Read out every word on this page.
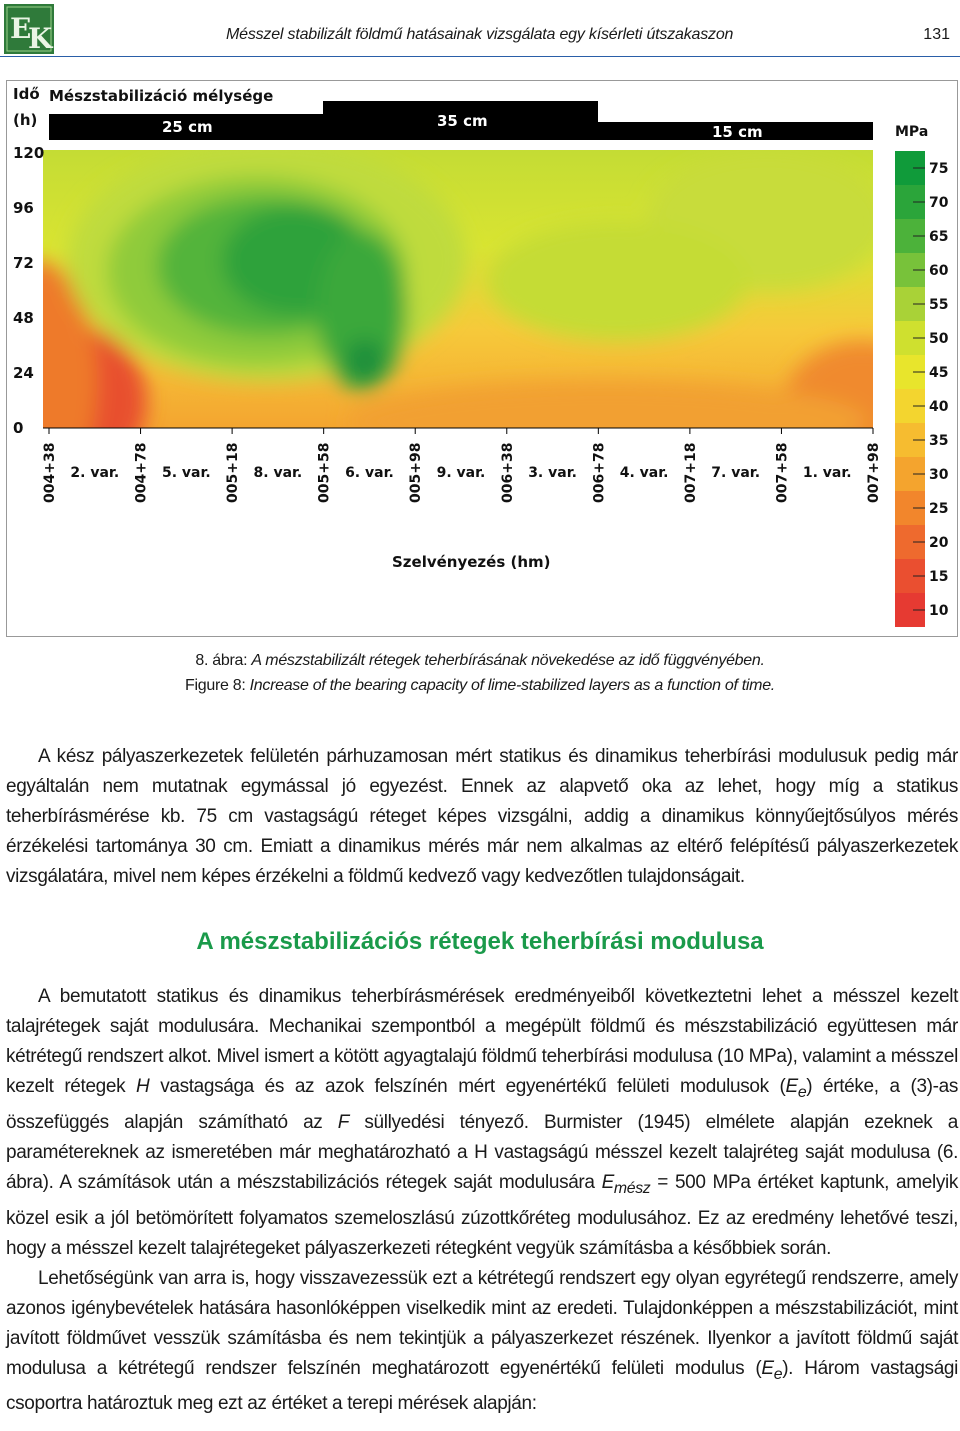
E
K	Mésszel stabilizált földmű hatásainak vizsgálata egy kísérleti útszakaszon	131
Mészstabilizáció mélysége
25 cm	35 cm
15 cm
Idő
(h)
120
96
72
48
24
0
004+38	004+78	005+18	005+58	005+98	006+38	006+78	007+18	007+58	007+98
2. var.	5. var.	8. var.	6. var.	9. var.	3. var.	4. var.	7. var.	1. var.
Szelvényezés (hm)
MPa
75
70
65
60
55
50
45
40
35
30
25
20
15
10
8. ábra: A mészstabilizált rétegek teherbírásának növekedése az idő függvényében.
Figure 8: Increase of the bearing capacity of lime-stabilized layers as a function of time.
A kész pályaszerkezetek felületén párhuzamosan mért statikus és dinamikus teherbírási modulusuk pedig már egyáltalán nem mutatnak egymással jó egyezést. Ennek az alapvető oka az lehet, hogy míg a statikus teherbírásmérése kb. 75 cm vastagságú réteget képes vizsgálni, addig a dinamikus könnyűejtősúlyos mérés érzékelési tartománya 30 cm. Emiatt a dinamikus mérés már nem alkalmas az eltérő felépítésű pályaszerkezetek vizsgálatára, mivel nem képes érzékelni a földmű kedvező vagy kedvezőtlen tulajdonságait.
A mészstabilizációs rétegek teherbírási modulusa
A bemutatott statikus és dinamikus teherbírásmérések eredményeiből következtetni lehet a mésszel kezelt talajrétegek saját modulusára. Mechanikai szempontból a megépült földmű és mészstabilizáció együttesen már kétrétegű rendszert alkot. Mivel ismert a kötött agyagtalajú földmű teherbírási modulusa (10 MPa), valamint a mésszel kezelt rétegek H vastagsága és az azok felszínén mért egyenértékű felületi modulusok $(E_e)$ értéke, a (3)-as összefüggés alapján számítható az F süllyedési tényező. Burmister (1945) elmélete alapján ezeknek a paramétereknek az ismeretében már meghatározható a H vastagságú mésszel kezelt talajréteg saját modulusa (6. ábra). A számítások után a mészstabilizációs rétegek saját modulusára $E_{mész} = 500$ MPa értéket kaptunk, amelyik közel esik a jól betömörített folyamatos szemeloszlású zúzottkőréteg modulusához. Ez az eredmény lehetővé teszi, hogy a mésszel kezelt talajrétegeket pályaszerkezeti rétegként vegyük számításba a későbbiek során.
Lehetőségünk van arra is, hogy visszavezessük ezt a kétrétegű rendszert egy olyan egyrétegű rendszerre, amely azonos igénybevételek hatására hasonlóképpen viselkedik mint az eredeti. Tulajdonképpen a mészstabilizációt, mint javított földművet vesszük számításba és nem tekintjük a pályaszerkezet részének. Ilyenkor a javított földmű saját modulusa a kétrétegű rendszer felszínén meghatározott egyenértékű felületi modulus $(E_e)$. Három vastagsági csoportra határoztuk meg ezt az értéket a terepi mérések alapján:
